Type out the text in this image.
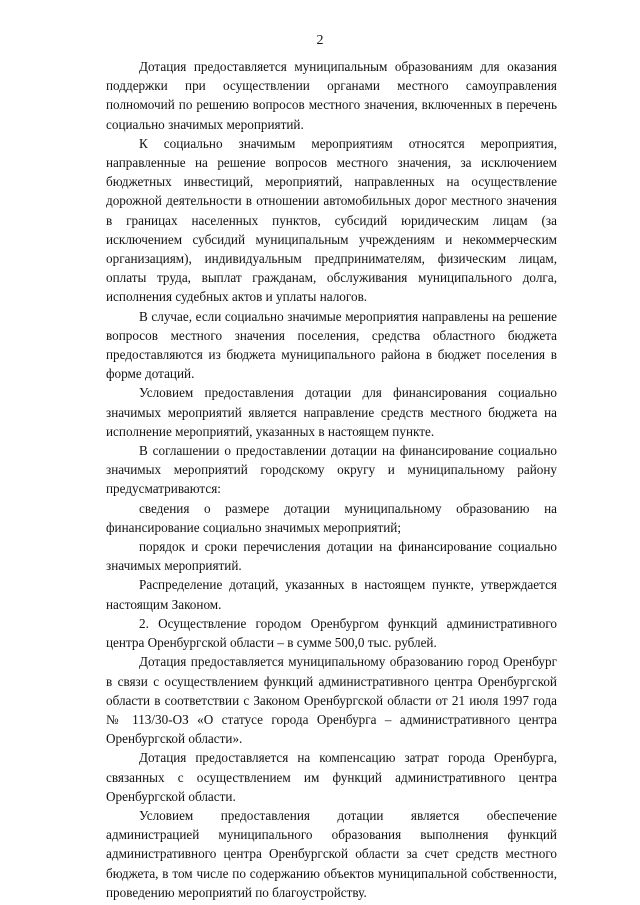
2

Дотация предоставляется муниципальным образованиям для оказания поддержки при осуществлении органами местного самоуправления полномочий по решению вопросов местного значения, включенных в перечень социально значимых мероприятий.

К социально значимым мероприятиям относятся мероприятия, направленные на решение вопросов местного значения, за исключением бюджетных инвестиций, мероприятий, направленных на осуществление дорожной деятельности в отношении автомобильных дорог местного значения в границах населенных пунктов, субсидий юридическим лицам (за исключением субсидий муниципальным учреждениям и некоммерческим организациям), индивидуальным предпринимателям, физическим лицам, оплаты труда, выплат гражданам, обслуживания муниципального долга, исполнения судебных актов и уплаты налогов.

В случае, если социально значимые мероприятия направлены на решение вопросов местного значения поселения, средства областного бюджета предоставляются из бюджета муниципального района в бюджет поселения в форме дотаций.

Условием предоставления дотации для финансирования социально значимых мероприятий является направление средств местного бюджета на исполнение мероприятий, указанных в настоящем пункте.

В соглашении о предоставлении дотации на финансирование социально значимых мероприятий городскому округу и муниципальному району предусматриваются:

сведения о размере дотации муниципальному образованию на финансирование социально значимых мероприятий;

порядок и сроки перечисления дотации на финансирование социально значимых мероприятий.

Распределение дотаций, указанных в настоящем пункте, утверждается настоящим Законом.

2. Осуществление городом Оренбургом функций административного центра Оренбургской области – в сумме 500,0 тыс. рублей.

Дотация предоставляется муниципальному образованию город Оренбург в связи с осуществлением функций административного центра Оренбургской области в соответствии с Законом Оренбургской области от 21 июля 1997 года № 113/30-ОЗ «О статусе города Оренбурга – административного центра Оренбургской области».

Дотация предоставляется на компенсацию затрат города Оренбурга, связанных с осуществлением им функций административного центра Оренбургской области.

Условием предоставления дотации является обеспечение администрацией муниципального образования выполнения функций административного центра Оренбургской области за счет средств местного бюджета, в том числе по содержанию объектов муниципальной собственности, проведению мероприятий по благоустройству.
